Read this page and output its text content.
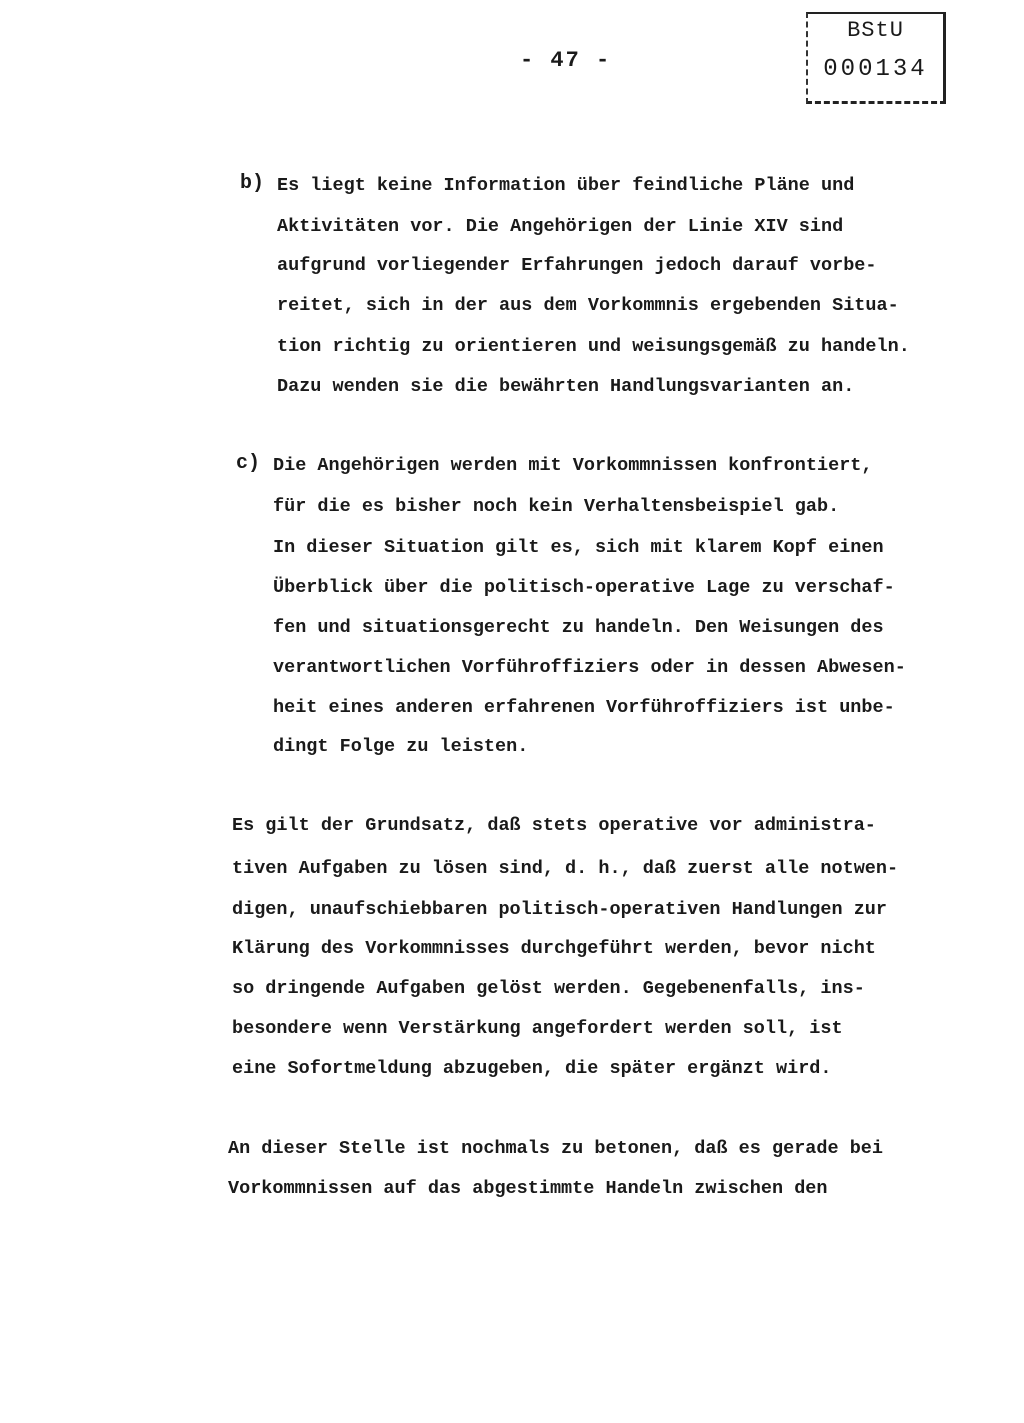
- 47 -
BStU
000134
b) Es liegt keine Information über feindliche Pläne und
Aktivitäten vor. Die Angehörigen der Linie XIV sind
aufgrund vorliegender Erfahrungen jedoch darauf vorbe-
reitet, sich in der aus dem Vorkommnis ergebenden Situa-
tion richtig zu orientieren und weisungsgemäß zu handeln.
Dazu wenden sie die bewährten Handlungsvarianten an.
c) Die Angehörigen werden mit Vorkommnissen konfrontiert,
für die es bisher noch kein Verhaltensbeispiel gab.
In dieser Situation gilt es, sich mit klarem Kopf einen
Überblick über die politisch-operative Lage zu verschaf-
fen und situationsgerecht zu handeln. Den Weisungen des
verantwortlichen Vorführoffiziers oder in dessen Abwesen-
heit eines anderen erfahrenen Vorführoffiziers ist unbe-
dingt Folge zu leisten.
Es gilt der Grundsatz, daß stets operative vor administra-
tiven Aufgaben zu lösen sind, d. h., daß zuerst alle notwen-
digen, unaufschiebbaren politisch-operativen Handlungen zur
Klärung des Vorkommnisses durchgeführt werden, bevor nicht
so dringende Aufgaben gelöst werden. Gegebenenfalls, ins-
besondere wenn Verstärkung angefordert werden soll, ist
eine Sofortmeldung abzugeben, die später ergänzt wird.
An dieser Stelle ist nochmals zu betonen, daß es gerade bei
Vorkommnissen auf das abgestimmte Handeln zwischen den
